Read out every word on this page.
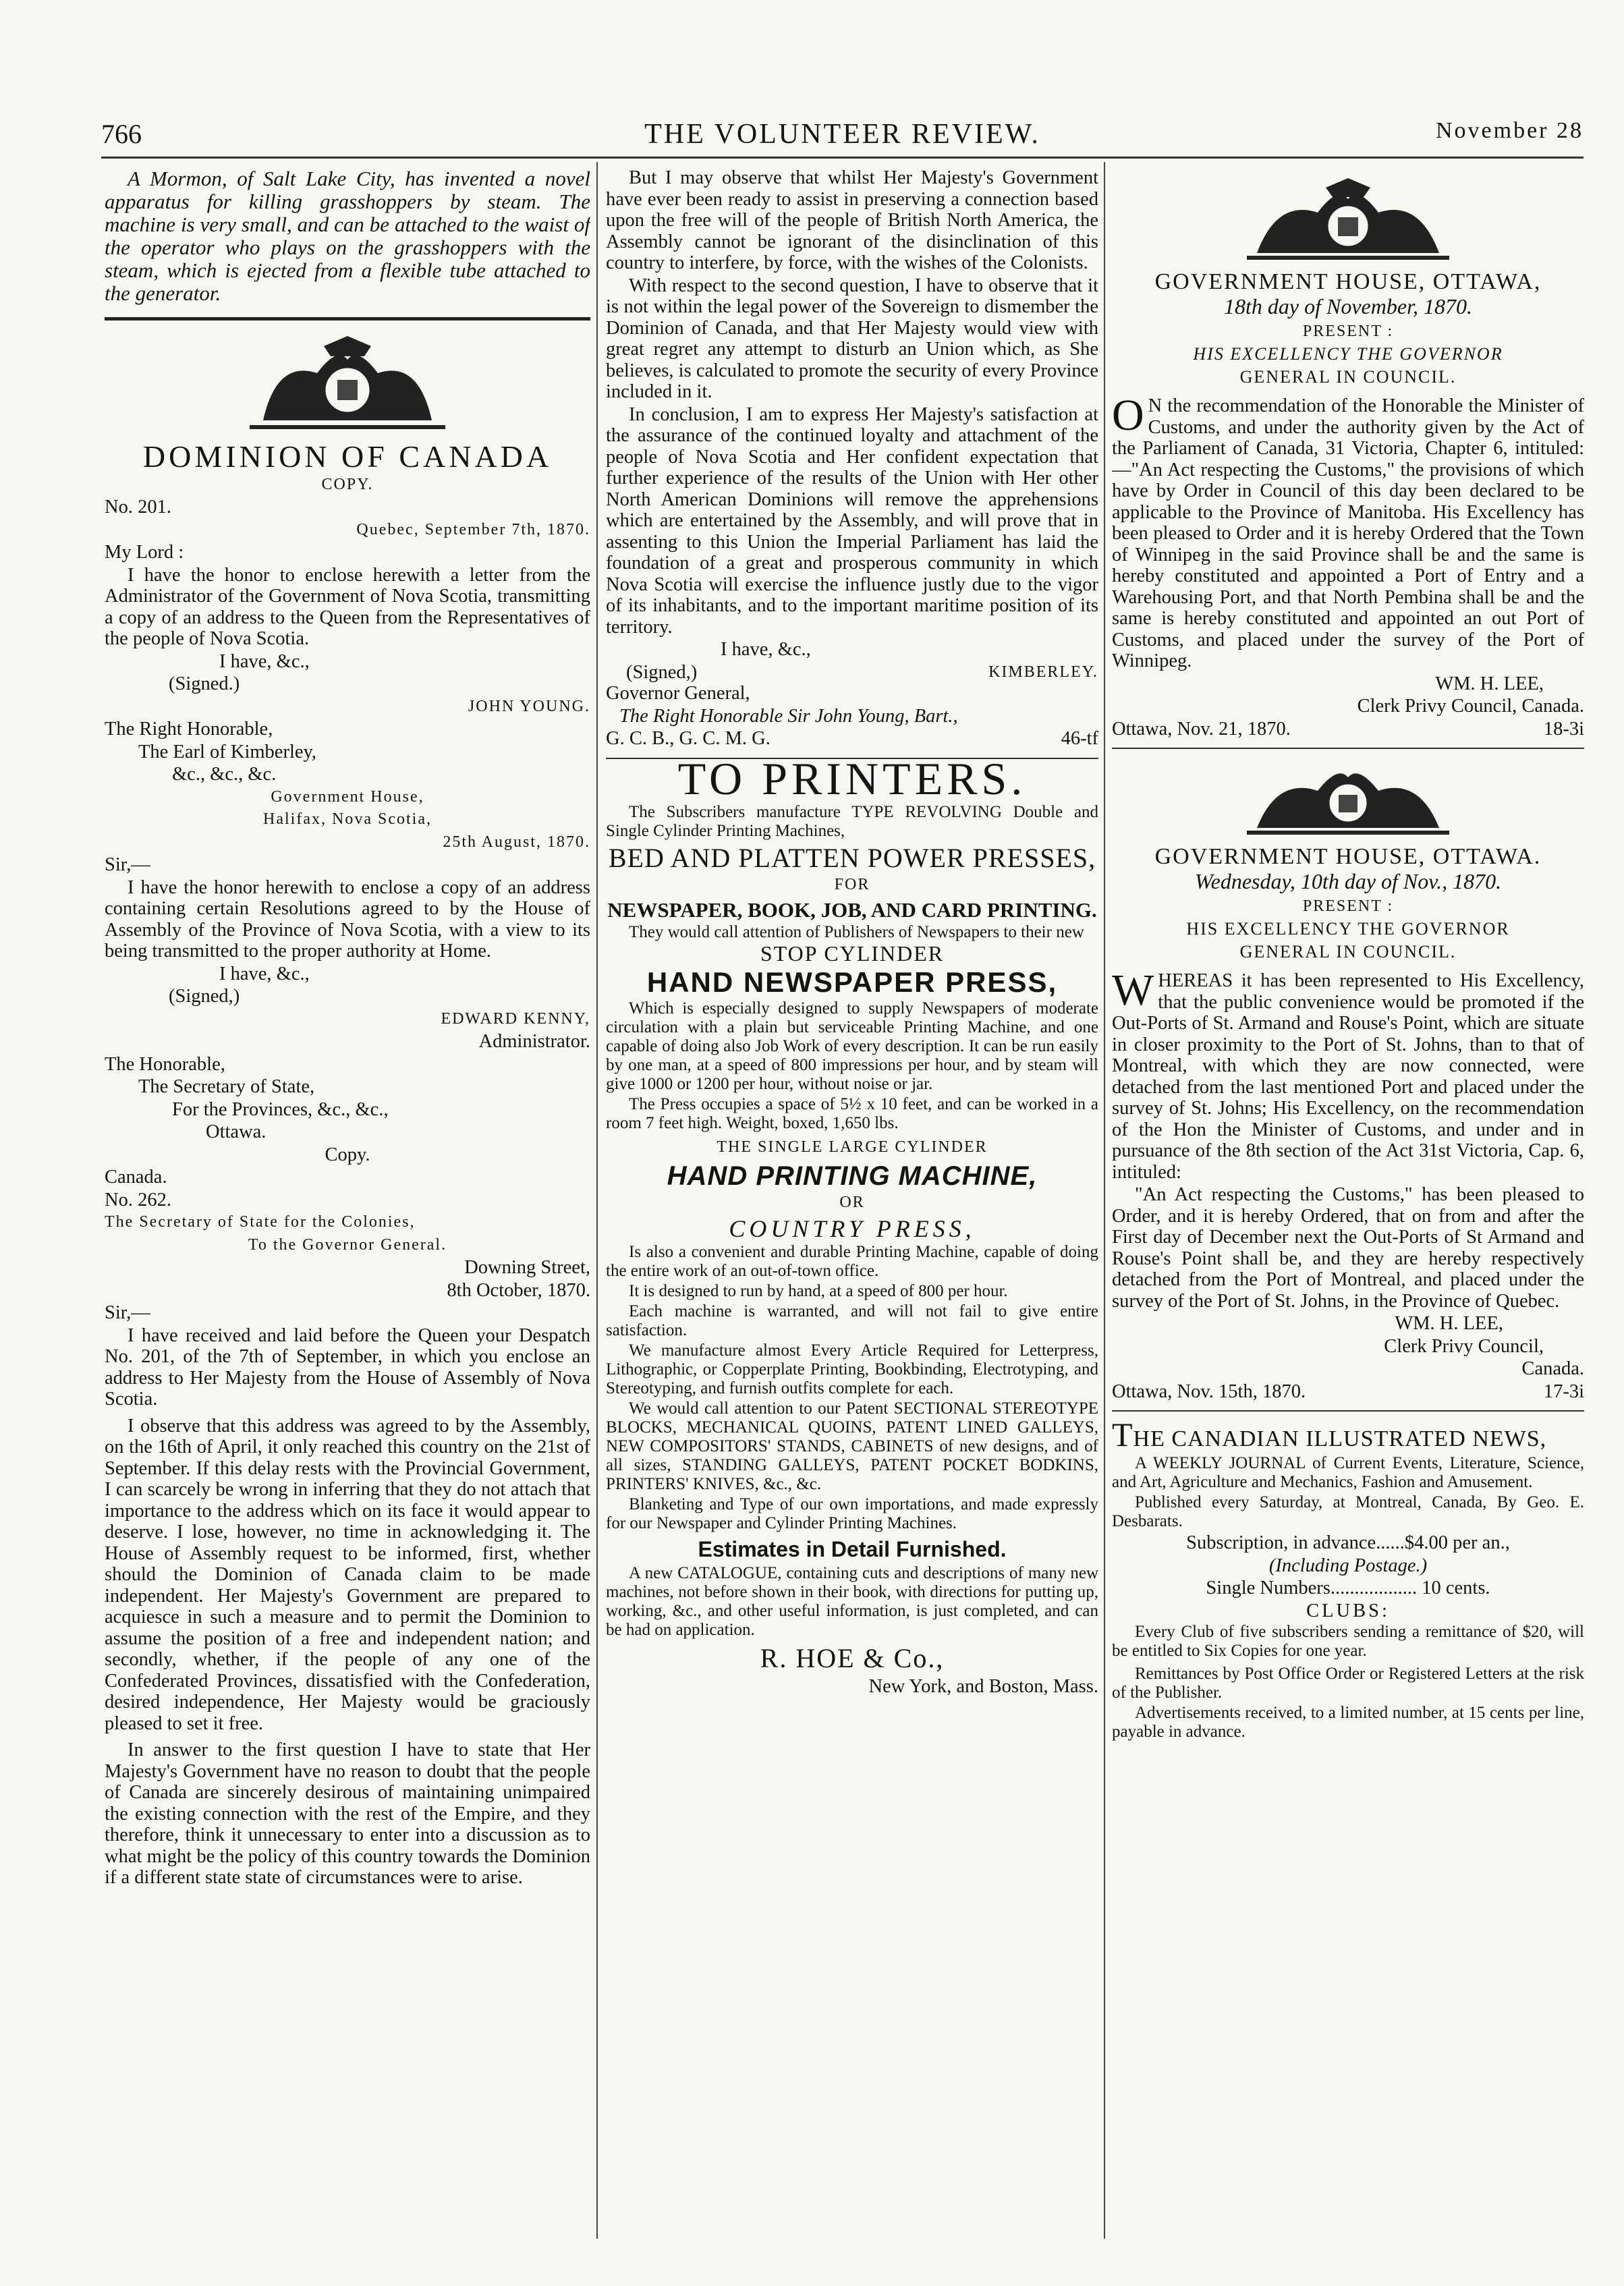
766	THE VOLUNTEER REVIEW.	November 28

A Mormon, of Salt Lake City, has invented a novel apparatus for killing grasshoppers by steam. The machine is very small, and can be attached to the waist of the operator who plays on the grasshoppers with the steam, which is ejected from a flexible tube attached to the generator.

DOMINION OF CANADA

COPY.

No. 201.

Quebec, September 7th, 1870.

My Lord :

I have the honor to enclose herewith a letter from the Administrator of the Government of Nova Scotia, transmitting a copy of an address to the Queen from the Representatives of the people of Nova Scotia.

I have, &c.,

(Signed.)

JOHN YOUNG.

The Right Honorable,

The Earl of Kimberley,

&c., &c., &c.

Government House,

Halifax, Nova Scotia,

25th August, 1870.

Sir,—

I have the honor herewith to enclose a copy of an address containing certain Resolutions agreed to by the House of Assembly of the Province of Nova Scotia, with a view to its being transmitted to the proper authority at Home.

I have, &c.,

(Signed,)

EDWARD KENNY,

Administrator.

The Honorable,

The Secretary of State,

For the Provinces, &c., &c.,

Ottawa.

Copy.

Canada.

No. 262.

The Secretary of State for the Colonies,

To the Governor General.

Downing Street,

8th October, 1870.

Sir,—

I have received and laid before the Queen your Despatch No. 201, of the 7th of September, in which you enclose an address to Her Majesty from the House of Assembly of Nova Scotia.

I observe that this address was agreed to by the Assembly, on the 16th of April, it only reached this country on the 21st of September. If this delay rests with the Provincial Government, I can scarcely be wrong in inferring that they do not attach that importance to the address which on its face it would appear to deserve. I lose, however, no time in acknowledging it. The House of Assembly request to be informed, first, whether should the Dominion of Canada claim to be made independent. Her Majesty's Government are prepared to acquiesce in such a measure and to permit the Dominion to assume the position of a free and independent nation; and secondly, whether, if the people of any one of the Confederated Provinces, dissatisfied with the Confederation, desired independence, Her Majesty would be graciously pleased to set it free.

In answer to the first question I have to state that Her Majesty's Government have no reason to doubt that the people of Canada are sincerely desirous of maintaining unimpaired the existing connection with the rest of the Empire, and they therefore, think it unnecessary to enter into a discussion as to what might be the policy of this country towards the Dominion if a different state state of circumstances were to arise.

But I may observe that whilst Her Majesty's Government have ever been ready to assist in preserving a connection based upon the free will of the people of British North America, the Assembly cannot be ignorant of the disinclination of this country to interfere, by force, with the wishes of the Colonists.

With respect to the second question, I have to observe that it is not within the legal power of the Sovereign to dismember the Dominion of Canada, and that Her Majesty would view with great regret any attempt to disturb an Union which, as She believes, is calculated to promote the security of every Province included in it.

In conclusion, I am to express Her Majesty's satisfaction at the assurance of the continued loyalty and attachment of the people of Nova Scotia and Her confident expectation that further experience of the results of the Union with Her other North American Dominions will remove the apprehensions which are entertained by the Assembly, and will prove that in assenting to this Union the Imperial Parliament has laid the foundation of a great and prosperous community in which Nova Scotia will exercise the influence justly due to the vigor of its inhabitants, and to the important maritime position of its territory.

I have, &c.,

(Signed,)	KIMBERLEY.

Governor General,

The Right Honorable Sir John Young, Bart.,

G. C. B., G. C. M. G.	46-tf
TO PRINTERS.

The Subscribers manufacture TYPE REVOLVING Double and Single Cylinder Printing Machines,

BED AND PLATTEN POWER PRESSES,

FOR

NEWSPAPER, BOOK, JOB, AND CARD PRINTING.

They would call attention of Publishers of Newspapers to their new

STOP CYLINDER

HAND NEWSPAPER PRESS,

Which is especially designed to supply Newspapers of moderate circulation with a plain but serviceable Printing Machine, and one capable of doing also Job Work of every description. It can be run easily by one man, at a speed of 800 impressions per hour, and by steam will give 1000 or 1200 per hour, without noise or jar.

The Press occupies a space of 5½ x 10 feet, and can be worked in a room 7 feet high. Weight, boxed, 1,650 lbs.

THE SINGLE LARGE CYLINDER

HAND PRINTING MACHINE,

OR

COUNTRY PRESS,

Is also a convenient and durable Printing Machine, capable of doing the entire work of an out-of-town office.

It is designed to run by hand, at a speed of 800 per hour.

Each machine is warranted, and will not fail to give entire satisfaction.

We manufacture almost Every Article Required for Letterpress, Lithographic, or Copperplate Printing, Bookbinding, Electrotyping, and Stereotyping, and furnish outfits complete for each.

We would call attention to our Patent SECTIONAL STEREOTYPE BLOCKS, MECHANICAL QUOINS, PATENT LINED GALLEYS, NEW COMPOSITORS' STANDS, CABINETS of new designs, and of all sizes, STANDING GALLEYS, PATENT POCKET BODKINS, PRINTERS' KNIVES, &c., &c.

Blanketing and Type of our own importations, and made expressly for our Newspaper and Cylinder Printing Machines.

Estimates in Detail Furnished.

A new CATALOGUE, containing cuts and descriptions of many new machines, not before shown in their book, with directions for putting up, working, &c., and other useful information, is just completed, and can be had on application.

R. HOE & Co.,

New York, and Boston, Mass.

GOVERNMENT HOUSE, OTTAWA,

18th day of November, 1870.

PRESENT :

HIS EXCELLENCY THE GOVERNOR

GENERAL IN COUNCIL.

O N the recommendation of the Honorable the Minister of Customs, and under the authority given by the Act of the Parliament of Canada, 31 Victoria, Chapter 6, intituled:—"An Act respecting the Customs," the provisions of which have by Order in Council of this day been declared to be applicable to the Province of Manitoba. His Excellency has been pleased to Order and it is hereby Ordered that the Town of Winnipeg in the said Province shall be and the same is hereby constituted and appointed a Port of Entry and a Warehousing Port, and that North Pembina shall be and the same is hereby constituted and appointed an out Port of Customs, and placed under the survey of the Port of Winnipeg.

WM. H. LEE,

Clerk Privy Council, Canada.

Ottawa, Nov. 21, 1870.	18-3i
GOVERNMENT HOUSE, OTTAWA.

Wednesday, 10th day of Nov., 1870.

PRESENT :

HIS EXCELLENCY THE GOVERNOR

GENERAL IN COUNCIL.

WHEREAS it has been represented to His Excellency, that the public convenience would be promoted if the Out-Ports of St. Armand and Rouse's Point, which are situate in closer proximity to the Port of St. Johns, than to that of Montreal, with which they are now connected, were detached from the last mentioned Port and placed under the survey of St. Johns; His Excellency, on the recommendation of the Hon the Minister of Customs, and under and in pursuance of the 8th section of the Act 31st Victoria, Cap. 6, intituled:

"An Act respecting the Customs," has been pleased to Order, and it is hereby Ordered, that on from and after the First day of December next the Out-Ports of St Armand and Rouse's Point shall be, and they are hereby respectively detached from the Port of Montreal, and placed under the survey of the Port of St. Johns, in the Province of Quebec.

WM. H. LEE,

Clerk Privy Council,

Canada.

Ottawa, Nov. 15th, 1870.	17-3i
THE CANADIAN ILLUSTRATED NEWS,

A WEEKLY JOURNAL of Current Events, Literature, Science, and Art, Agriculture and Mechanics, Fashion and Amusement.

Published every Saturday, at Montreal, Canada, By Geo. E. Desbarats.

Subscription, in advance......$4.00 per an.,

(Including Postage.)

Single Numbers.................. 10 cents.

CLUBS:

Every Club of five subscribers sending a remittance of $20, will be entitled to Six Copies for one year.

Remittances by Post Office Order or Registered Letters at the risk of the Publisher.

Advertisements received, to a limited number, at 15 cents per line, payable in advance.
